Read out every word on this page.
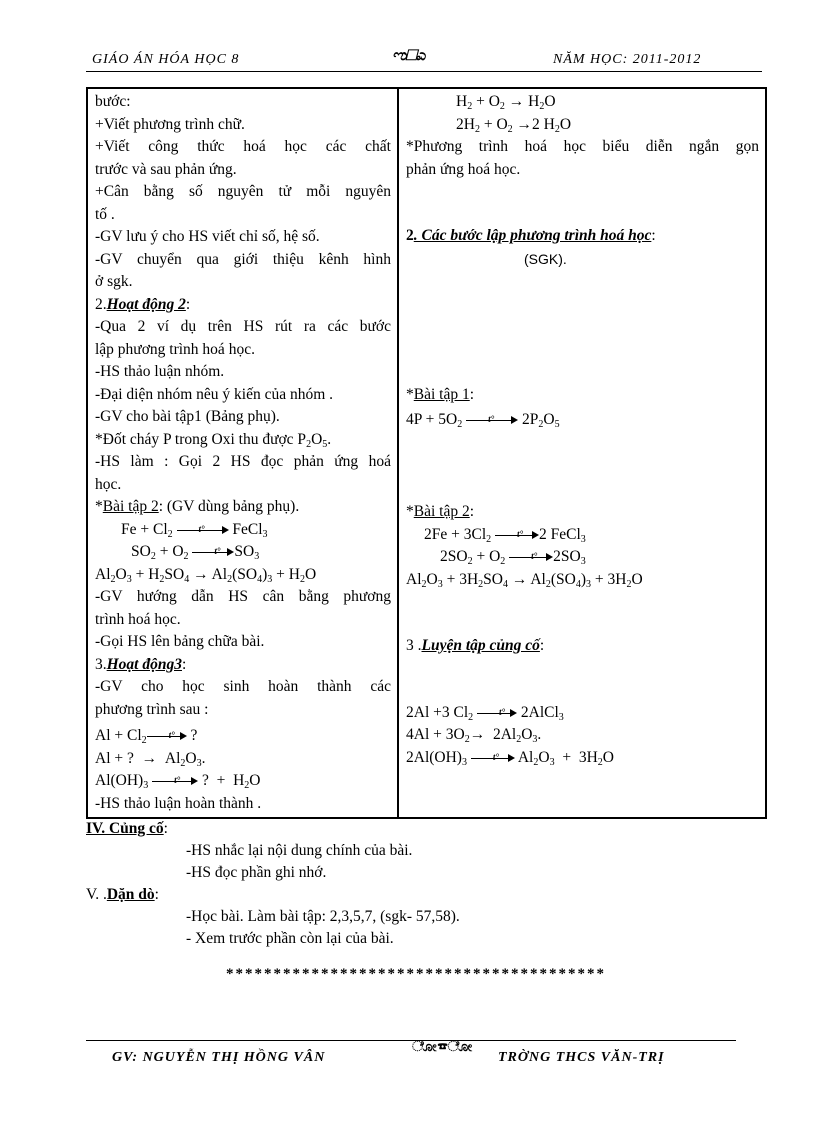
GIÁO ÁN HÓA HỌC 8	ಌ☐ಎ	NĂM HỌC: 2011-2012
bước:
+Viết phương trình chữ.
+Viết công thức hoá học các chất
trước và sau phản ứng.
+Cân bằng số nguyên tử mỗi nguyên
tố .
-GV lưu ý cho HS viết chỉ số, hệ số.
-GV chuyển qua giới thiệu kênh hình
ở sgk.
2.Hoạt động 2:
-Qua 2 ví dụ trên HS rút ra các bước
lập phương trình hoá học.
-HS thảo luận nhóm.
-Đại diện nhóm nêu ý kiến của nhóm .
-GV cho bài tập1 (Bảng phụ).
*Đốt cháy P trong Oxi thu được $P_2O_5$.
-HS làm : Gọi 2 HS đọc phản ứng hoá
học.
*Bài tập 2: (GV dùng bảng phụ).
$Fe + Cl_2$	t° FeCl$_3$
$SO_2 + O_2$	t° $SO_3$
$Al_2O_3 + H_2SO_4 \to Al_2(SO_4)_3 + H_2O$
-GV hướng dẫn HS cân bằng phương
trình hoá học.
-Gọi HS lên bảng chữa bài.
3.Hoạt động3:
-GV cho học sinh hoàn thành các
phương trình sau :
$Al + Cl_2$ t° ?
Al + ?  →  $Al_2O_3$.
$Al(OH)_3$	t° ?  +  $H_2O$
-HS thảo luận hoàn thành .

$H_2 + O_2 \to H_2O$
$2H_2 + O_2 \to 2$ $H_2O$
*Phương trình hoá học biểu diễn ngắn gọn
phản ứng hoá học.
2. Các bước lập phương trình hoá học:
(SGK).
*Bài tập 1:
$4P + 5O_2$	t° $2P_2O_5$
*Bài tập 2:
$2Fe + 3Cl_2$	t° 2 FeCl$_3$
$2SO_2 + O_2$	t° $2SO_3$
$Al_2O_3 + 3H_2SO_4 \to Al_2(SO_4)_3 + 3H_2O$
3 .Luyện tập củng cố:
2Al +3 $Cl_2$	t° 2AlCl$_3$
$4Al + 3O_2\to 2Al_2O_3$.
$2Al(OH)_3$	t° $Al_2O_3 + 3H_2O$
IV. Củng cố:
-HS nhắc lại nội dung chính của bài.
-HS đọc phần ghi nhớ.
V. .Dặn dò:
-Học bài. Làm bài tập: 2,3,5,7, (sgk- 57,58).
- Xem trước phần còn lại của bài.
****************************************
GV: NGUYỄN THỊ HỒNG VÂN
ೋ☎ೋ
TRỜNG THCS VĂN-TRỊ
